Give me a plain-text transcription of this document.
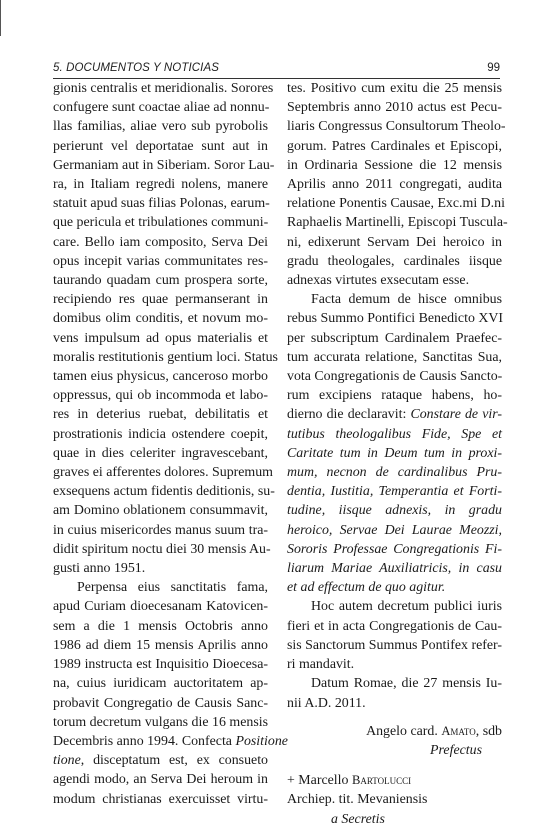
5. DOCUMENTOS Y NOTICIAS	99
gionis centralis et meridionalis. Sorores
confugere sunt coactae aliae ad nonnu-
llas familias, aliae vero sub pyrobolis
perierunt vel deportatae sunt aut in
Germaniam aut in Siberiam. Soror Lau-
ra, in Italiam regredi nolens, manere
statuit apud suas filias Polonas, earum-
que pericula et tribulationes communi-
care. Bello iam composito, Serva Dei
opus incepit varias communitates res-
taurando quadam cum prospera sorte,
recipiendo res quae permanserant in
domibus olim conditis, et novum mo-
vens impulsum ad opus materialis et
moralis restitutionis gentium loci. Status
tamen eius physicus, canceroso morbo
oppressus, qui ob incommoda et labo-
res in deterius ruebat, debilitatis et
prostrationis indicia ostendere coepit,
quae in dies celeriter ingravescebant,
graves ei afferentes dolores. Supremum
exsequens actum fidentis deditionis, su-
am Domino oblationem consummavit,
in cuius misericordes manus suum tra-
didit spiritum noctu diei 30 mensis Au-
gusti anno 1951.
Perpensa eius sanctitatis fama,
apud Curiam dioecesanam Katovicen-
sem a die 1 mensis Octobris anno
1986 ad diem 15 mensis Aprilis anno
1989 instructa est Inquisitio Dioecesa-
na, cuius iuridicam auctoritatem ap-
probavit Congregatio de Causis Sanc-
torum decretum vulgans die 16 mensis
Decembris anno 1994. Confecta Positione
tione, disceptatum est, ex consueto
agendi modo, an Serva Dei heroum in
modum christianas exercuisset virtu-
tes. Positivo cum exitu die 25 mensis
Septembris anno 2010 actus est Pecu-
liaris Congressus Consultorum Theolo-
gorum. Patres Cardinales et Episcopi,
in Ordinaria Sessione die 12 mensis
Aprilis anno 2011 congregati, audita
relatione Ponentis Causae, Exc.mi D.ni
Raphaelis Martinelli, Episcopi Tuscula-
ni, edixerunt Servam Dei heroico in
gradu theologales, cardinales iisque
adnexas virtutes exsecutam esse.
Facta demum de hisce omnibus
rebus Summo Pontifici Benedicto XVI
per subscriptum Cardinalem Praefec-
tum accurata relatione, Sanctitas Sua,
vota Congregationis de Causis Sancto-
rum excipiens rataque habens, ho-
dierno die declaravit: Constare de vir-
tutibus theologalibus Fide, Spe et
Caritate tum in Deum tum in proxi-
mum, necnon de cardinalibus Pru-
dentia, Iustitia, Temperantia et Forti-
tudine, iisque adnexis, in gradu
heroico, Servae Dei Laurae Meozzi,
Sororis Professae Congregationis Fi-
liarum Mariae Auxiliatricis, in casu
et ad effectum de quo agitur.
Hoc autem decretum publici iuris
fieri et in acta Congregationis de Cau-
sis Sanctorum Summus Pontifex refer-
ri mandavit.
Datum Romae, die 27 mensis Iu-
nii A.D. 2011.
Angelo card. Amato, sdb
Prefectus
+ Marcello Bartolucci
Archiep. tit. Mevaniensis
a Secretis
